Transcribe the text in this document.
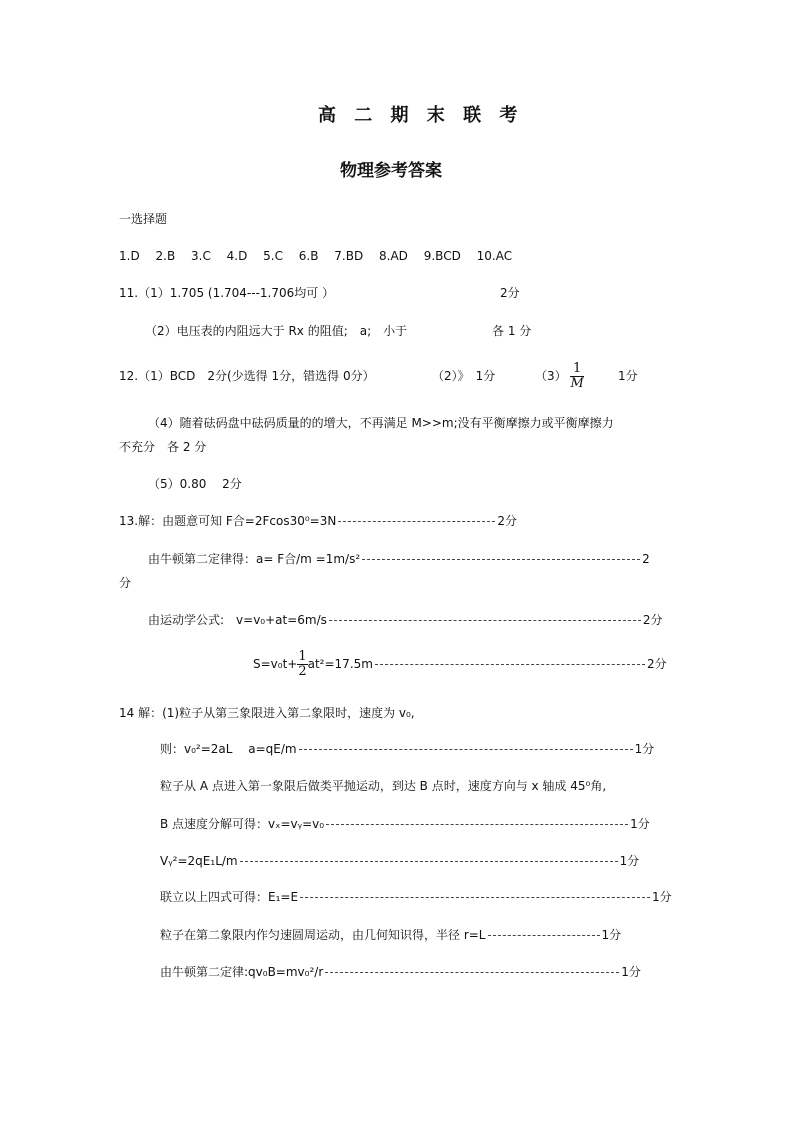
高 二 期 末 联 考
物理参考答案
一选择题
1.D　 2.B　 3.C　 4.D　 5.C　 6.B　 7.BD　 8.AD　 9.BCD　 10.AC
11.（1）1.705 (1.704---1.706均可 ）	2分
（2）电压表的内阻远大于 Rx 的阻值;　a;　小于	各 1 分
12.（1）BCD　2分(少选得 1分，错选得 0分）	（2）》　1分	$(3) \frac{1}{M}$	1分
（4）随着砝码盘中砝码质量的的增大，不再满足 M>>m;没有平衡摩擦力或平衡摩擦力
不充分　各 2 分
（5）0.80　 2分
13.解：由题意可知 F合=2Fcos30⁰=3N	2分
由牛顿第二定律得：a= F合/m =1m/s²	2
分
由运动学公式:　v=v₀+at=6m/s	2分
$S=v_0t+ \frac{1}{2} at^2=17.5m$	2分
14 解：(1)粒子从第三象限进入第二象限时，速度为 v₀,
则：v₀²=2aL　 a=qE/m	1分
粒子从 A 点进入第一象限后做类平抛运动，到达 B 点时，速度方向与 x 轴成 45⁰角,
B 点速度分解可得：vₓ=vᵧ=v₀	1分
Vᵧ²=2qE₁L/m	1分
联立以上四式可得：E₁=E	1分
粒子在第二象限内作匀速圆周运动，由几何知识得，半径 r=L	1分
由牛顿第二定律:qv₀B=mv₀²/r	1分
